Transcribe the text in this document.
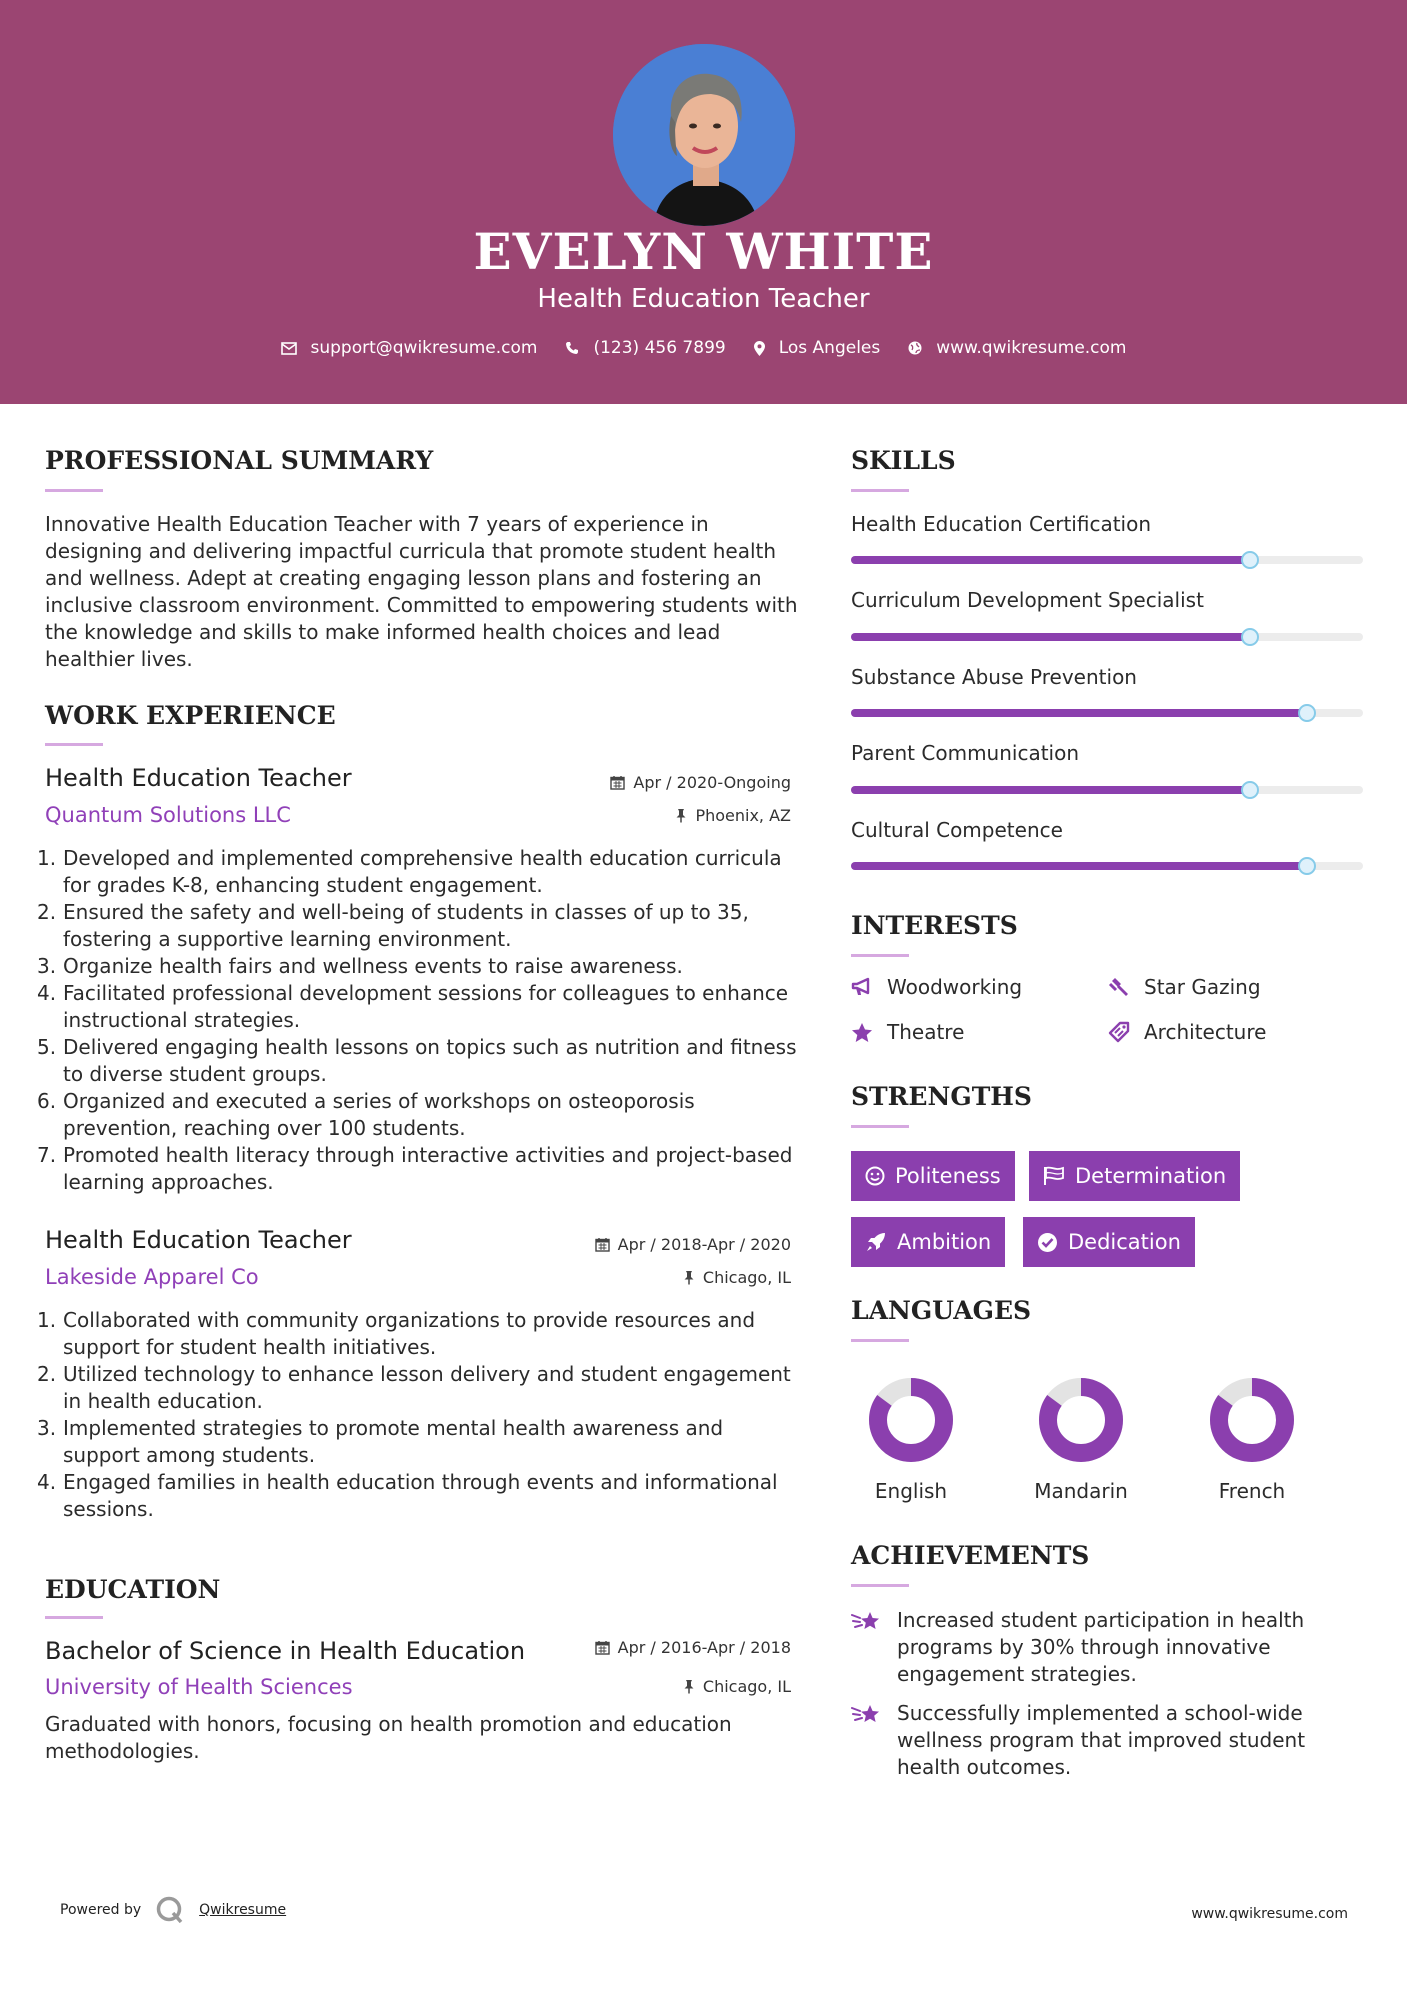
EVELYN WHITE
Health Education Teacher
support@qwikresume.com	(123) 456 7899	Los Angeles	www.qwikresume.com
PROFESSIONAL SUMMARY
Innovative Health Education Teacher with 7 years of experience in designing and delivering impactful curricula that promote student health and wellness. Adept at creating engaging lesson plans and fostering an inclusive classroom environment. Committed to empowering students with the knowledge and skills to make informed health choices and lead healthier lives.
WORK EXPERIENCE
Health Education Teacher	Apr / 2020-Ongoing
Quantum Solutions LLC	Phoenix, AZ
1. Developed and implemented comprehensive health education curricula for grades K-8, enhancing student engagement.
2. Ensured the safety and well-being of students in classes of up to 35, fostering a supportive learning environment.
3. Organize health fairs and wellness events to raise awareness.
4. Facilitated professional development sessions for colleagues to enhance instructional strategies.
5. Delivered engaging health lessons on topics such as nutrition and fitness to diverse student groups.
6. Organized and executed a series of workshops on osteoporosis prevention, reaching over 100 students.
7. Promoted health literacy through interactive activities and project-based learning approaches.
Health Education Teacher	Apr / 2018-Apr / 2020
Lakeside Apparel Co	Chicago, IL
1. Collaborated with community organizations to provide resources and support for student health initiatives.
2. Utilized technology to enhance lesson delivery and student engagement in health education.
3. Implemented strategies to promote mental health awareness and support among students.
4. Engaged families in health education through events and informational sessions.
EDUCATION
Bachelor of Science in Health Education	Apr / 2016-Apr / 2018
University of Health Sciences	Chicago, IL
Graduated with honors, focusing on health promotion and education methodologies.
SKILLS
Health Education Certification
Curriculum Development Specialist
Substance Abuse Prevention
Parent Communication
Cultural Competence
INTERESTS
Woodworking	Star Gazing
Theatre	Architecture
STRENGTHS
Politeness	Determination
Ambition	Dedication
LANGUAGES
English	Mandarin	French
ACHIEVEMENTS
Increased student participation in health programs by 30% through innovative engagement strategies.
Successfully implemented a school-wide wellness program that improved student health outcomes.
Powered by	Qwikresume	www.qwikresume.com
